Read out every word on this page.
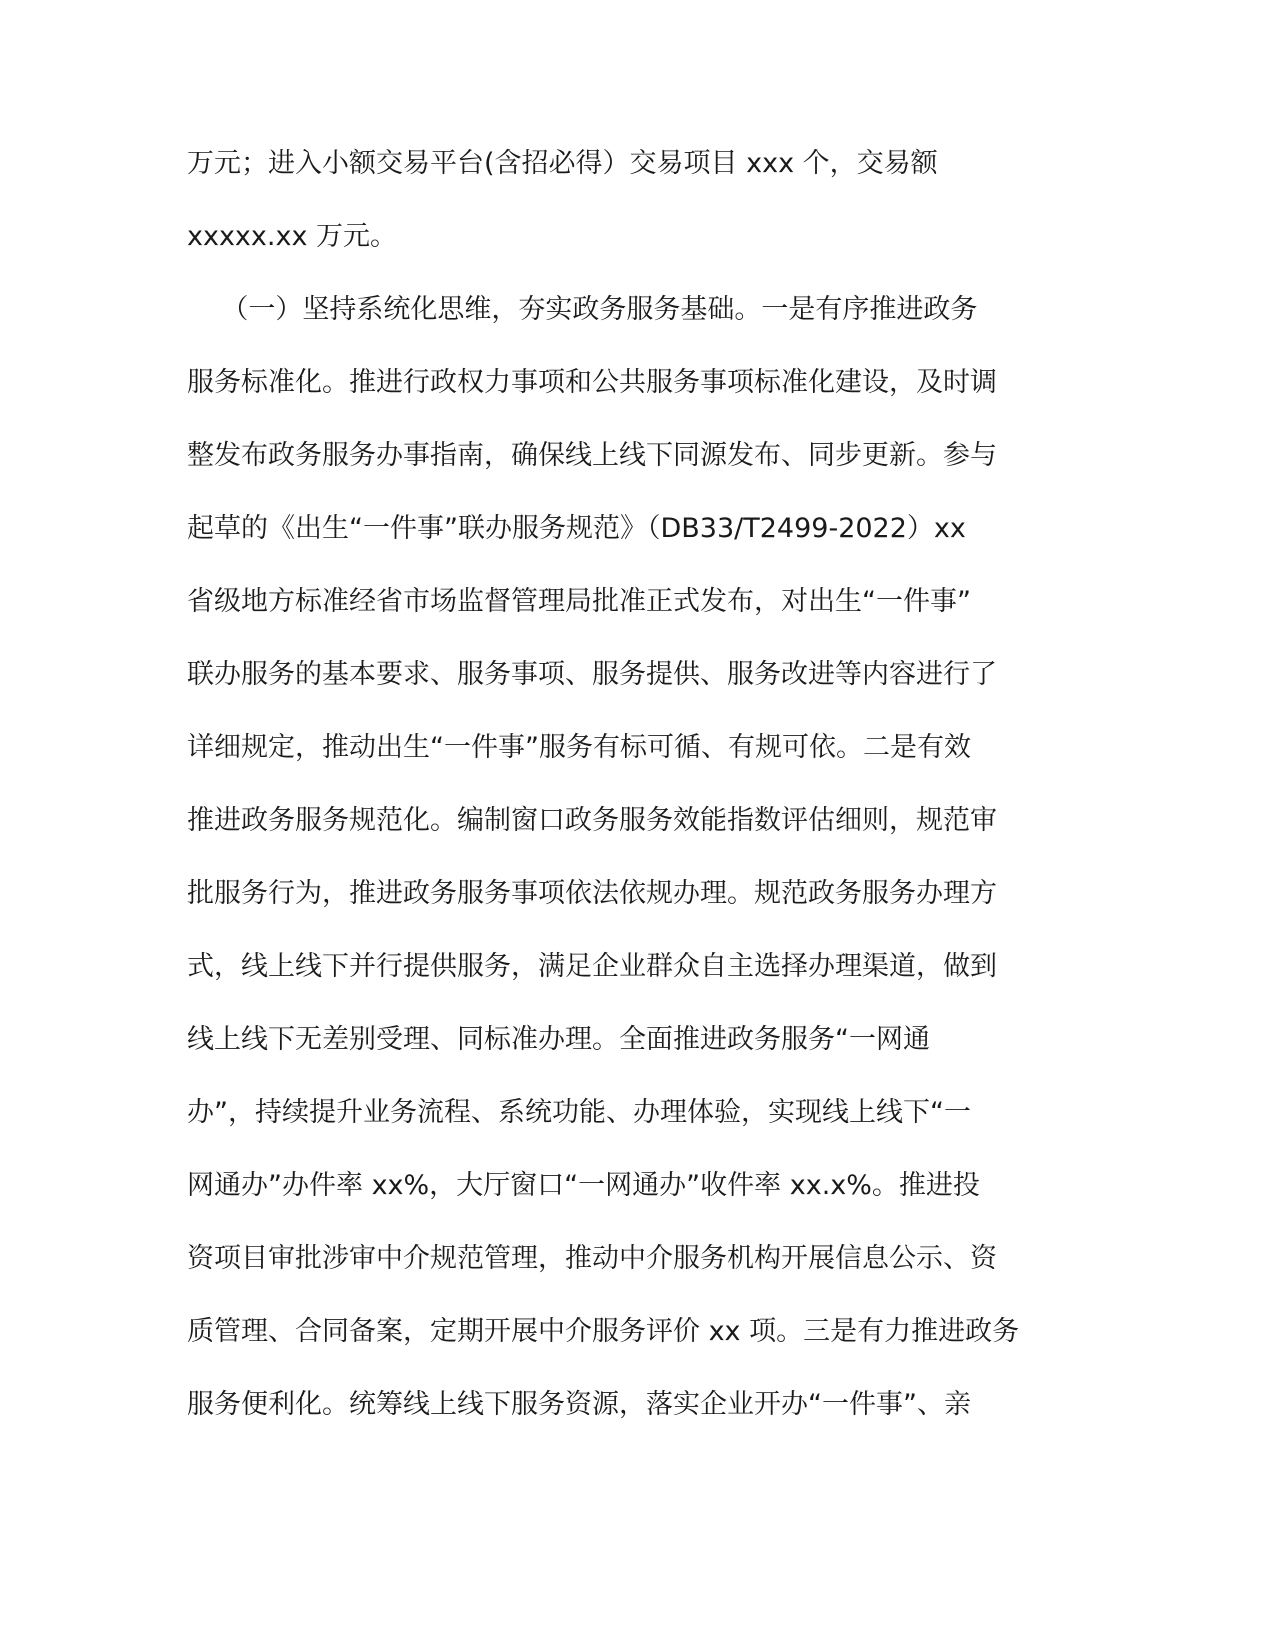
万元；进入小额交易平台(含招必得）交易项目 xxx 个，交易额
xxxxx.xx 万元。
（一）坚持系统化思维，夯实政务服务基础。一是有序推进政务
服务标准化。推进行政权力事项和公共服务事项标准化建设，及时调
整发布政务服务办事指南，确保线上线下同源发布、同步更新。参与
起草的《出生“一件事”联办服务规范》（DB33/T2499-2022）xx
省级地方标准经省市场监督管理局批准正式发布，对出生“一件事”
联办服务的基本要求、服务事项、服务提供、服务改进等内容进行了
详细规定，推动出生“一件事”服务有标可循、有规可依。二是有效
推进政务服务规范化。编制窗口政务服务效能指数评估细则，规范审
批服务行为，推进政务服务事项依法依规办理。规范政务服务办理方
式，线上线下并行提供服务，满足企业群众自主选择办理渠道，做到
线上线下无差别受理、同标准办理。全面推进政务服务“一网通
办”，持续提升业务流程、系统功能、办理体验，实现线上线下“一
网通办”办件率 xx%，大厅窗口“一网通办”收件率 xx.x%。推进投
资项目审批涉审中介规范管理，推动中介服务机构开展信息公示、资
质管理、合同备案，定期开展中介服务评价 xx 项。三是有力推进政务
服务便利化。统筹线上线下服务资源，落实企业开办“一件事”、亲
